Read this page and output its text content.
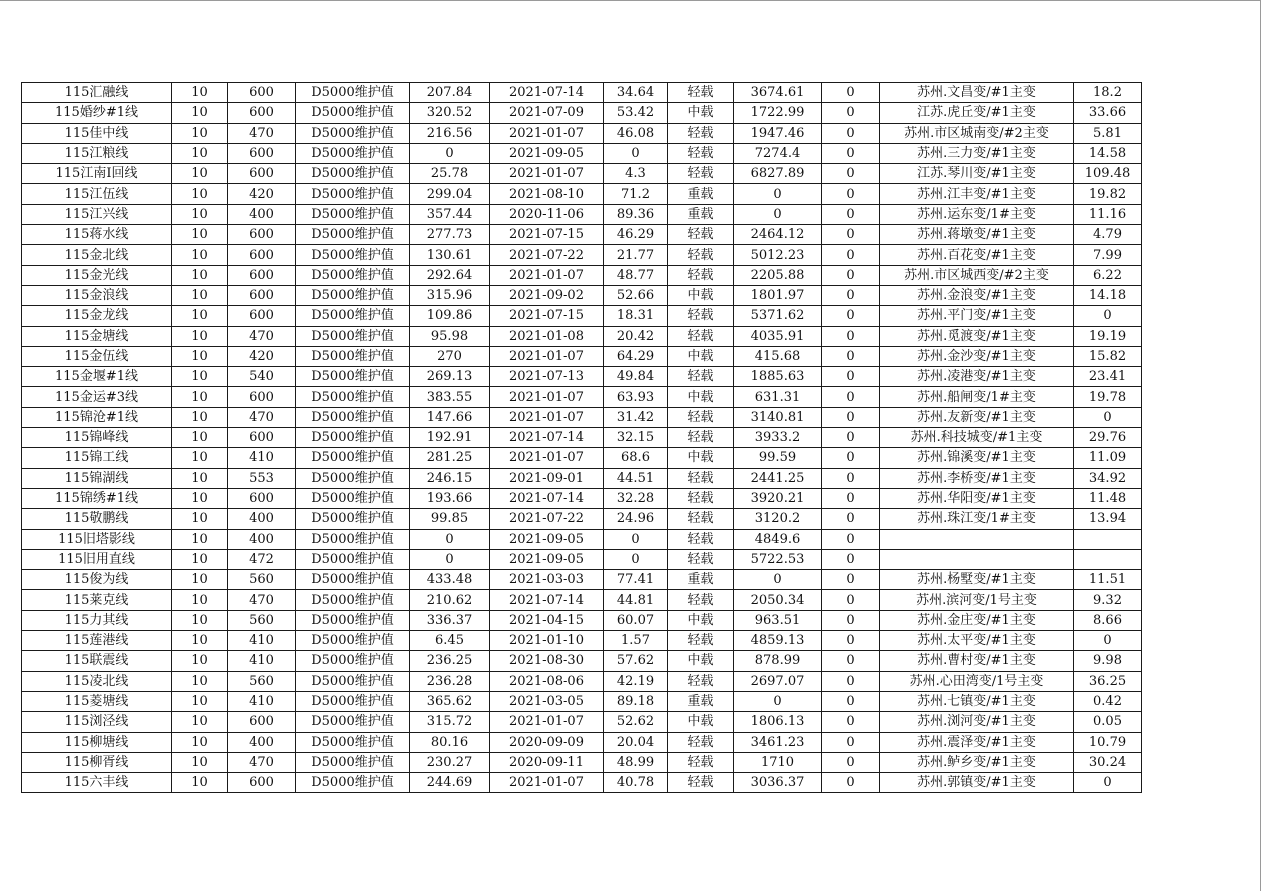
115汇融线	10	600	D5000维护值	207.84	2021-07-14	34.64	轻载	3674.61	0	苏州.文昌变/#1主变	18.2
115婚纱#1线	10	600	D5000维护值	320.52	2021-07-09	53.42	中载	1722.99	0	江苏.虎丘变/#1主变	33.66
115佳中线	10	470	D5000维护值	216.56	2021-01-07	46.08	轻载	1947.46	0	苏州.市区城南变/#2主变	5.81
115江粮线	10	600	D5000维护值	0	2021-09-05	0	轻载	7274.4	0	苏州.三力变/#1主变	14.58
115江南Ⅰ回线	10	600	D5000维护值	25.78	2021-01-07	4.3	轻载	6827.89	0	江苏.琴川变/#1主变	109.48
115江伍线	10	420	D5000维护值	299.04	2021-08-10	71.2	重载	0	0	苏州.江丰变/#1主变	19.82
115江兴线	10	400	D5000维护值	357.44	2020-11-06	89.36	重载	0	0	苏州.运东变/1#主变	11.16
115蒋水线	10	600	D5000维护值	277.73	2021-07-15	46.29	轻载	2464.12	0	苏州.蒋墩变/#1主变	4.79
115金北线	10	600	D5000维护值	130.61	2021-07-22	21.77	轻载	5012.23	0	苏州.百花变/#1主变	7.99
115金光线	10	600	D5000维护值	292.64	2021-01-07	48.77	轻载	2205.88	0	苏州.市区城西变/#2主变	6.22
115金浪线	10	600	D5000维护值	315.96	2021-09-02	52.66	中载	1801.97	0	苏州.金浪变/#1主变	14.18
115金龙线	10	600	D5000维护值	109.86	2021-07-15	18.31	轻载	5371.62	0	苏州.平门变/#1主变	0
115金塘线	10	470	D5000维护值	95.98	2021-01-08	20.42	轻载	4035.91	0	苏州.觅渡变/#1主变	19.19
115金伍线	10	420	D5000维护值	270	2021-01-07	64.29	中载	415.68	0	苏州.金沙变/#1主变	15.82
115金堰#1线	10	540	D5000维护值	269.13	2021-07-13	49.84	轻载	1885.63	0	苏州.凌港变/#1主变	23.41
115金运#3线	10	600	D5000维护值	383.55	2021-01-07	63.93	中载	631.31	0	苏州.船闸变/1#主变	19.78
115锦沧#1线	10	470	D5000维护值	147.66	2021-01-07	31.42	轻载	3140.81	0	苏州.友新变/#1主变	0
115锦峰线	10	600	D5000维护值	192.91	2021-07-14	32.15	轻载	3933.2	0	苏州.科技城变/#1主变	29.76
115锦工线	10	410	D5000维护值	281.25	2021-01-07	68.6	中载	99.59	0	苏州.锦溪变/#1主变	11.09
115锦湖线	10	553	D5000维护值	246.15	2021-09-01	44.51	轻载	2441.25	0	苏州.李桥变/#1主变	34.92
115锦绣#1线	10	600	D5000维护值	193.66	2021-07-14	32.28	轻载	3920.21	0	苏州.华阳变/#1主变	11.48
115敬鹏线	10	400	D5000维护值	99.85	2021-07-22	24.96	轻载	3120.2	0	苏州.珠江变/1#主变	13.94
115旧塔影线	10	400	D5000维护值	0	2021-09-05	0	轻载	4849.6	0		
115旧用直线	10	472	D5000维护值	0	2021-09-05	0	轻载	5722.53	0		
115俊为线	10	560	D5000维护值	433.48	2021-03-03	77.41	重载	0	0	苏州.杨墅变/#1主变	11.51
115莱克线	10	470	D5000维护值	210.62	2021-07-14	44.81	轻载	2050.34	0	苏州.滨河变/1号主变	9.32
115力其线	10	560	D5000维护值	336.37	2021-04-15	60.07	中载	963.51	0	苏州.金庄变/#1主变	8.66
115莲港线	10	410	D5000维护值	6.45	2021-01-10	1.57	轻载	4859.13	0	苏州.太平变/#1主变	0
115联震线	10	410	D5000维护值	236.25	2021-08-30	57.62	中载	878.99	0	苏州.曹村变/#1主变	9.98
115凌北线	10	560	D5000维护值	236.28	2021-08-06	42.19	轻载	2697.07	0	苏州.心田湾变/1号主变	36.25
115菱塘线	10	410	D5000维护值	365.62	2021-03-05	89.18	重载	0	0	苏州.七镇变/#1主变	0.42
115浏泾线	10	600	D5000维护值	315.72	2021-01-07	52.62	中载	1806.13	0	苏州.浏河变/#1主变	0.05
115柳塘线	10	400	D5000维护值	80.16	2020-09-09	20.04	轻载	3461.23	0	苏州.震泽变/#1主变	10.79
115柳胥线	10	470	D5000维护值	230.27	2020-09-11	48.99	轻载	1710	0	苏州.鲈乡变/#1主变	30.24
115六丰线	10	600	D5000维护值	244.69	2021-01-07	40.78	轻载	3036.37	0	苏州.郭镇变/#1主变	0
